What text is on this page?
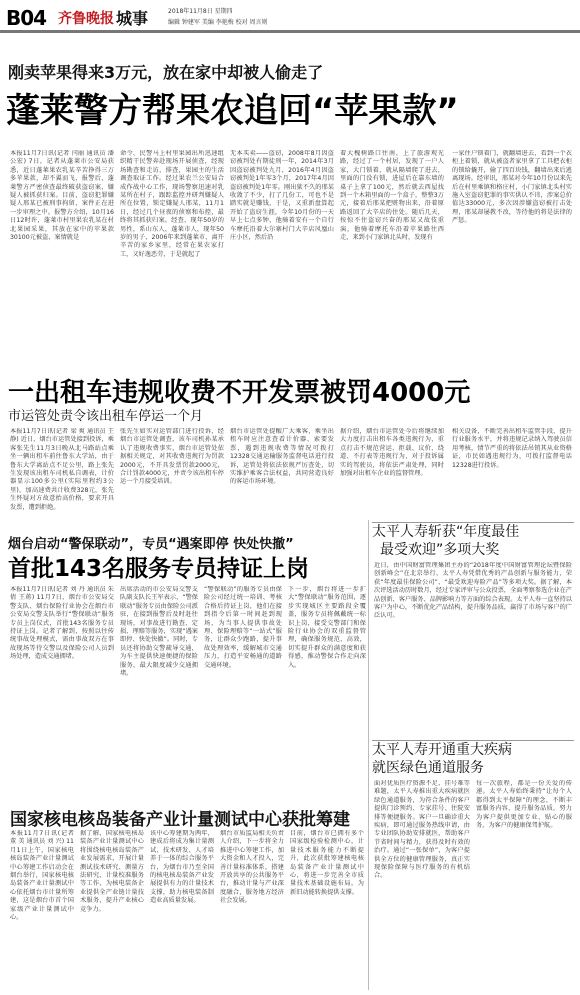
B04 齐鲁晚报 城事	2018年11月8日 星期四
编辑 钟建军 美编 李艳梅 校对 周言则
刚卖苹果得来3万元，放在家中却被人偷走了
蓬莱警方帮果农追回“苹果款”
本报11月7日讯(记者 闫丽 通讯员 潘公宏) 7日，记者从蓬莱市公安局获悉，近日蓬莱果农乳某辛苦挣得三万多苹果款，却不翼而飞，报警后，蓬莱警方严密侦查最终破获盗窃案，嫌疑人被抓获归案。目前，盗窃犯罪嫌疑人邢某已被刑事拘留，案件正在进一步审理之中。报警方介绍，10月16日12时许，蓬莱市村里果农乳某在村北果园采果，其放在家中的苹果款30100元被盗，案情就是
命令，民警马上村里果园出所迅速组织精干民警奔赴现场开展侦查，经现场勘查和走访，排查，果园主的生活调查取证工作。经过果农兰公安局合成作战中心工作，现场警察迅速对乳某所在村子，跟踪监控并研判嫌疑人所在位置，锁定嫌疑人邢某，11月1日，经过几个昼夜的侦察和布控，最终将其抓获归案。经查，现年50岁的男性，系山东人，蓬莱市人，现年50岁的男子，2006年来到蓬莱市，离开辛苦的家乡家里，经常在果农家打工，又好逸恶劳，于是就起了
无本买卖——盗窃，2008年8月因盗窃被判处有期徒刑一年，2014年3月因盗窃被判处九月，2016年4月因盗窃被判处1年零3个月，2017年4月因盗窃被判处1年零。刚出狱不久的邢某收敛了不少，打了几份工，可也不是踏实就是赚钱，于是，又重新盘算起开始了盗窃生涯，今年10月份的一天早上七点多钟，他骑着安有一个自行车摩托沿着大尔寨村门大辛店风凰山庄小区，然后沿
着大槐树路口往南，上了旅游观光路，经过了一个村居，发现了一户人家，大门锁着，就从隔墙爬了进去，里面的门没有锁，进屋后在靠东墙的桌子上拿了100元，然后就去西屋找到一个木箱里面的一个盒子，整整3万元，接着后邢某把赃物出来，沿着原路返回了大辛店的住处。随后几天，按惊不住盗窃兴奋的邢某又故伎重演，他骑着摩托车沿着苹果路往西走，来到小门家镇北头时，发现有
一家住户锁着门，就翻墙进去，看到一个衣柜上着锁，就从被盗者家里拿了工具把衣柜的锁给撬开，偷了四百块钱，翻墙出来后逃离现场。经审讯，邢某对今年10月份以来先后在村里乘镇和格庄村，小门家镇北头村实施入室盗窃犯罪的事实供认不讳，涉案总价值达33000元，多次因涉嫌盗窃被打击处理，邢某却屡教不改，等待他的将是法律的严惩。
一出租车违规收费不开发票被罚4000元
市运管处责令该出租车停运一个月
本报11月7日讯(记者 梁 爽 通讯员 王静) 近日，烟台市运管处接到投诉，乘客张先生11月3日晚从北马路站点乘坐一辆出租车前往鲁东大学站，由于鲁东大学离站点不足公里，路上张先生发现该出租车司机私自调表，计价器显示100多公里(实际里程约3公里)，加高速费共计收费328元，张先生怀疑对方故意抬高价格，要求开具发票，遭到拒绝。
张先生如实对运管部门进行投诉，经烟台市运管处调查，该车司机孙某承认了违规收费事实，烟台市运管处依据相关规定，对其收费违规行为罚款2000元，不开具发票罚款2000元，合计罚款4000元，并责令该出租车停运一个月接受培训。
烟台市运管处提醒广大乘客，乘坐出租车时应注意查看计价器、索要发票，遇到违规收费等情况可拨打12328交通运输服务监督电话进行投诉，运管处将依法依规严厉查处，切实维护乘客合法权益，共同营造良好的客运市场环境。
据介绍，烟台市运管处今后将继续加大力度打击出租车各类违规行为，重点打击不规范营运、拒载、议价、绕道、不打表等违规行为，对于投诉属实的驾驶员，将依法严肃处理，同时加强对出租车企业的监督管理。
相关设备，不断完善出租车监管手段，提升行业服务水平，并将违规记录纳入驾驶员信用考核，情节严重的将依法吊销其从业资格证，市民如遇违规行为，可拨打监督电话12328进行投诉。
烟台启动“警保联动”，专员“遇案即停 快处快撤”
首批143名服务专员持证上岗
本报11月7日讯(记者 刘 丹 通讯员 朱倩 王蒋) 11月7日，烟台市公安局交警支队、烟台保险行业协会在烟台市公安局交警支队举行“警保联动”服务专员上岗仪式，首批143名服务专员持证上岗。记者了解到，按照以往传统事故处理模式，需由事故双方在事故现场等待交警以及保险公司人员到场处理，造成交通拥堵。
出席活动的市公安局交警支队副支队长王军表示，“警保联动”服务专员由保险公司派驻，在接到报警后及时赶往现场，对事故进行勘查、定损、理赔等服务，实现“遇案即停、快处快撤”。同时，专员还将协助交警疏导交通，为车主提供快速便捷的保险服务，最大限度减少交通拥堵。
“警保联动”的服务专员由保险公司经过统一培训、考核合格后持证上岗，他们在接到指令后第一时间赶到现场，为当事人提供事故处理、保险理赔等“一站式”服务，让群众少跑路，提升事故处理效率，缓解城市交通压力，打造平安畅通的道路交通环境。
下一步，烟台将进一步扩大“警保联动”服务范围，逐步实现城区主要路段全覆盖，服务专员将佩戴统一标识上岗，接受交警部门和保险行业协会的双重监督管理，确保服务规范、高效，切实提升群众的满意度和获得感，推动警保合作走向深入。
太平人寿斩获“年度最佳
最受欢迎”多项大奖
近日，由中国财富管理集团主办的“2018年度中国财富管理论坛暨保险创新峰会”在北京举行，太平人寿凭借优秀的产品创新与服务能力，荣获“年度最佳保险公司”、“最受欢迎寿险产品”等多项大奖。据了解，本次评选活动历时数月，经过专家评审与公众投票，全面考察参选企业在产品创新、客户服务、品牌影响力等方面的综合表现。太平人寿一直坚持以客户为中心，不断优化产品结构，提升服务品质，赢得了市场与客户的广泛认可。
太平人寿开通重大疾病
就医绿色通道服务
面对优质医疗资源不足、挂号难等难题，太平人寿推出重大疾病就医绿色通道服务，为符合条件的客户提供门诊预约、专家挂号、住院安排等便捷服务。客户一旦确诊重大疾病，即可通过服务热线申请，由专业团队协助安排就医，帮助客户节省时间与精力，获得及时有效的治疗。通过“一张保单”，为客户提供全方位的健康管理服务，真正实现保险保障与医疗服务的有机结合。
每一次旅程，都是一份关爱的传递。太平人寿始终秉持“让每个人都得到太平保障”的理念，不断丰富服务内容，提升服务品质，努力为客户提供更加专业、贴心的服务，为客户的健康保驾护航。
国家核电核岛装备产业计量测试中心获批筹建
本报11月7日讯(记者 董 美 通讯员 刘 兴) 11月1日上午，国家核电核岛装备产业计量测试中心筹建工作启动会在烟台举行，国家核电核岛装备产业计量测试中心依托烟台市计量所筹建，这是烟台市首个国家级产业计量测试中心。
据了解，国家核电核岛装备产业计量测试中心将围绕核电核岛装备产业发展需求，开展计量测试技术研究、测量方法研究、计量校准服务等工作，为核电装备企业提供全产业链计量技术服务，提升产业核心竞争力。
该中心筹建期为两年，建成后将成为集计量测试、技术研发、人才培养于一体的综合服务平台，为烟台市乃至全国的核电核岛装备产业发展提供有力的计量技术支撑，助力核电装备制造业高质量发展。
烟台市质监局相关负责人介绍，下一步将全力推进中心筹建工作，加大资金和人才投入，完善计量标准体系，搭建开放共享的公共服务平台，推动计量与产业深度融合，服务地方经济社会发展。
目前，烟台市已拥有多个国家级检验检测中心，计量技术服务能力不断提升，此次获批筹建核电核岛装备产业计量测试中心，将进一步完善全市质量技术基础设施布局，为新旧动能转换提供支撑。
